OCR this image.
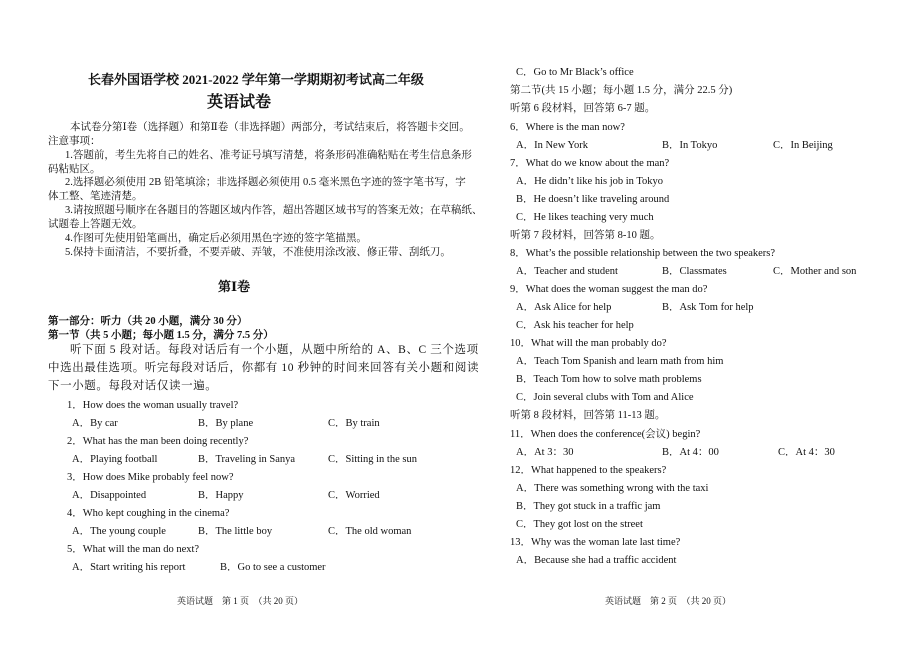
长春外国语学校 2021-2022 学年第一学期期初考试高二年级
英语试卷
本试卷分第Ⅰ卷（选择题）和第Ⅱ卷（非选择题）两部分，考试结束后，将答题卡交回。
注意事项：
1.答题前，考生先将自己的姓名、准考证号填写清楚，将条形码准确粘贴在考生信息条形
码粘贴区。
2.选择题必须使用 2B 铅笔填涂；非选择题必须使用 0.5 毫米黑色字迹的签字笔书写，字
体工整、笔迹清楚。
3.请按照题号顺序在各题目的答题区域内作答，超出答题区域书写的答案无效；在草稿纸、
试题卷上答题无效。
4.作图可先使用铅笔画出，确定后必须用黑色字迹的签字笔描黑。
5.保持卡面清洁，不要折叠，不要弄破、弄皱，不准使用涂改液、修正带、刮纸刀。
第Ⅰ卷
第一部分：听力（共 20 小题，满分 30 分）
第一节（共 5 小题；每小题 1.5 分，满分 7.5 分）
听下面 5 段对话。每段对话后有一个小题，从题中所给的 A、B、C 三个选项
中选出最佳选项。听完每段对话后，你都有 10 秒钟的时间来回答有关小题和阅读
下一小题。每段对话仅读一遍。
1．How does the woman usually travel?
A．By car	B．By plane	C．By train
2．What has the man been doing recently?
A．Playing football	B．Traveling in Sanya	C．Sitting in the sun
3．How does Mike probably feel now?
A．Disappointed	B．Happy	C．Worried
4．Who kept coughing in the cinema?
A．The young couple	B．The little boy	C．The old woman
5．What will the man do next?
A．Start writing his report	B．Go to see a customer
英语试题　第 1 页　（共 20 页）
C．Go to Mr Black’s office
第二节(共 15 小题；每小题 1.5 分，满分 22.5 分)
听第 6 段材料，回答第 6-7 题。
6．Where is the man now?
A．In New York	B．In Tokyo	C．In Beijing
7．What do we know about the man?
A．He didn’t like his job in Tokyo
B．He doesn’t like traveling around
C．He likes teaching very much
听第 7 段材料，回答第 8-10 题。
8．What’s the possible relationship between the two speakers?
A．Teacher and student	B．Classmates	C．Mother and son
9．What does the woman suggest the man do?
A．Ask Alice for help	B．Ask Tom for help
C．Ask his teacher for help
10．What will the man probably do?
A．Teach Tom Spanish and learn math from him
B．Teach Tom how to solve math problems
C．Join several clubs with Tom and Alice
听第 8 段材料，回答第 11-13 题。
11．When does the conference(会议) begin?
A．At 3：30	B．At 4：00	C．At 4：30
12．What happened to the speakers?
A．There was something wrong with the taxi
B．They got stuck in a traffic jam
C．They got lost on the street
13．Why was the woman late last time?
A．Because she had a traffic accident
英语试题　第 2 页　（共 20 页）
